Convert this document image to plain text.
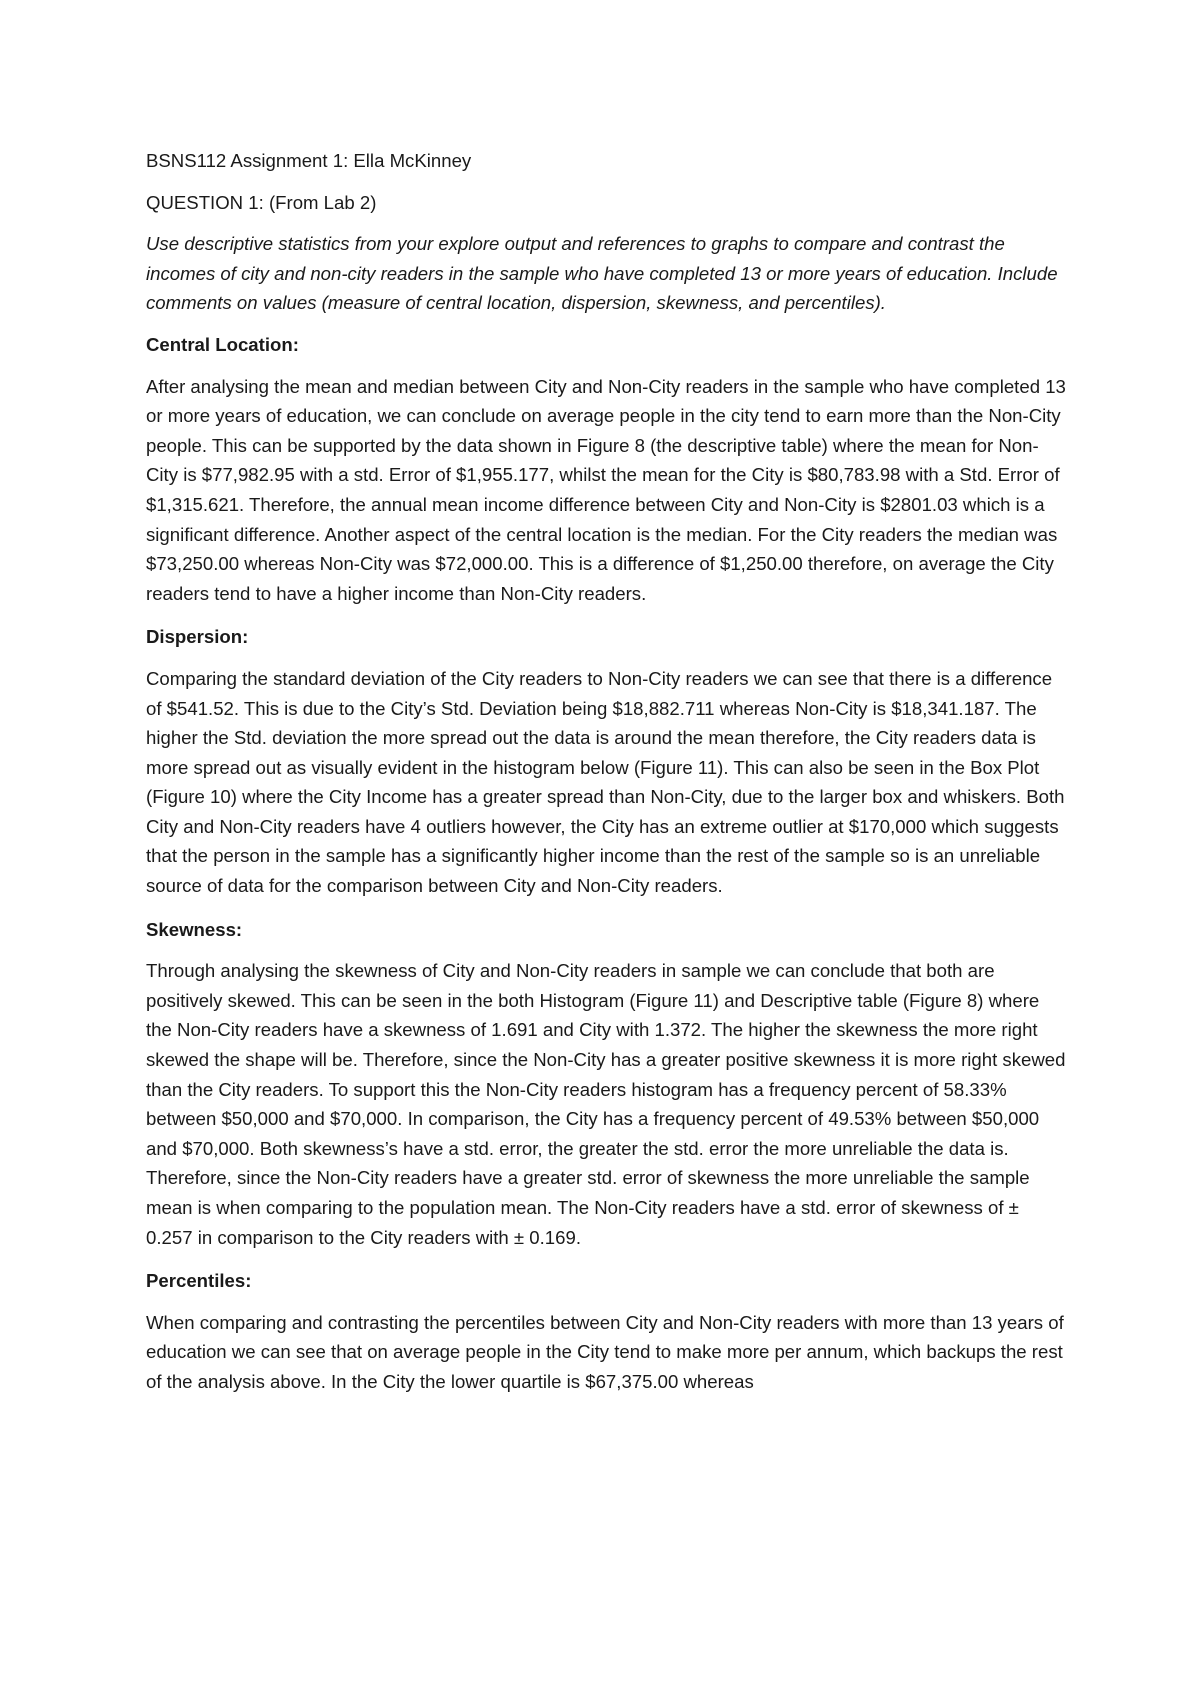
BSNS112 Assignment 1: Ella McKinney

QUESTION 1: (From Lab 2)

Use descriptive statistics from your explore output and references to graphs to compare and contrast the incomes of city and non-city readers in the sample who have completed 13 or more years of education. Include comments on values (measure of central location, dispersion, skewness, and percentiles).

Central Location:

After analysing the mean and median between City and Non-City readers in the sample who have completed 13 or more years of education, we can conclude on average people in the city tend to earn more than the Non-City people. This can be supported by the data shown in Figure 8 (the descriptive table) where the mean for Non-City is $77,982.95 with a std. Error of $1,955.177, whilst the mean for the City is $80,783.98 with a Std. Error of $1,315.621. Therefore, the annual mean income difference between City and Non-City is $2801.03 which is a significant difference. Another aspect of the central location is the median. For the City readers the median was $73,250.00 whereas Non-City was $72,000.00. This is a difference of $1,250.00 therefore, on average the City readers tend to have a higher income than Non-City readers.

Dispersion:

Comparing the standard deviation of the City readers to Non-City readers we can see that there is a difference of $541.52. This is due to the City’s Std. Deviation being $18,882.711 whereas Non-City is $18,341.187. The higher the Std. deviation the more spread out the data is around the mean therefore, the City readers data is more spread out as visually evident in the histogram below (Figure 11). This can also be seen in the Box Plot (Figure 10) where the City Income has a greater spread than Non-City, due to the larger box and whiskers. Both City and Non-City readers have 4 outliers however, the City has an extreme outlier at $170,000 which suggests that the person in the sample has a significantly higher income than the rest of the sample so is an unreliable source of data for the comparison between City and Non-City readers.

Skewness:

Through analysing the skewness of City and Non-City readers in sample we can conclude that both are positively skewed. This can be seen in the both Histogram (Figure 11) and Descriptive table (Figure 8) where the Non-City readers have a skewness of 1.691 and City with 1.372. The higher the skewness the more right skewed the shape will be. Therefore, since the Non-City has a greater positive skewness it is more right skewed than the City readers. To support this the Non-City readers histogram has a frequency percent of 58.33% between $50,000 and $70,000. In comparison, the City has a frequency percent of 49.53% between $50,000 and $70,000. Both skewness’s have a std. error, the greater the std. error the more unreliable the data is. Therefore, since the Non-City readers have a greater std. error of skewness the more unreliable the sample mean is when comparing to the population mean. The Non-City readers have a std. error of skewness of ± 0.257 in comparison to the City readers with ± 0.169.

Percentiles:

When comparing and contrasting the percentiles between City and Non-City readers with more than 13 years of education we can see that on average people in the City tend to make more per annum, which backups the rest of the analysis above. In the City the lower quartile is $67,375.00 whereas
